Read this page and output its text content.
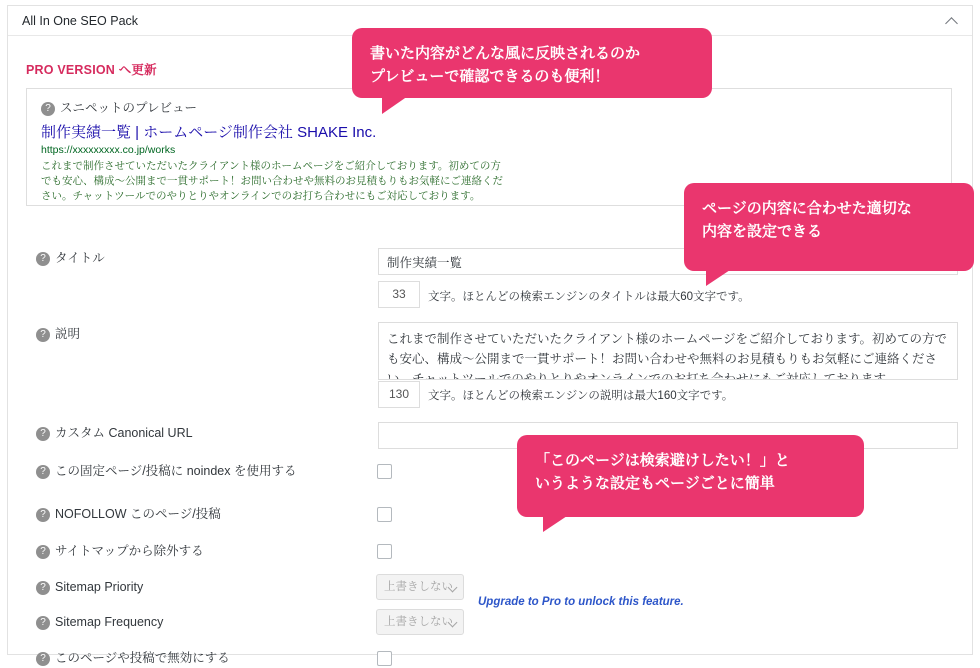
All In One SEO Pack
PRO VERSION へ更新
? スニペットのプレビュー
制作実績一覧 | ホームページ制作会社 SHAKE Inc.
https://xxxxxxxxx.co.jp/works
これまで制作させていただいたクライアント様のホームページをご紹介しております。初めての方でも安心、構成〜公開まで一貫サポート！お問い合わせや無料のお見積もりもお気軽にご連絡ください。チャットツールでのやりとりやオンラインでのお打ち合わせにもご対応しております。
? タイトル
制作実績一覧
33	文字。ほとんどの検索エンジンのタイトルは最大60文字です。
? 説明
これまで制作させていただいたクライアント様のホームページをご紹介しております。初めての方でも安心、構成〜公開まで一貫サポート！お問い合わせや無料のお見積もりもお気軽にご連絡ください。チャットツールでのやりとりやオンラインでのお打ち合わせにもご対応しております。
130	文字。ほとんどの検索エンジンの説明は最大160文字です。
? カスタム Canonical URL
? この固定ページ/投稿に noindex を使用する
? NOFOLLOW このページ/投稿
? サイトマップから除外する
? Sitemap Priority	上書きしない
? Sitemap Frequency	上書きしない
Upgrade to Pro to unlock this feature.
? このページや投稿で無効にする
書いた内容がどんな風に反映されるのか
プレビューで確認できるのも便利！
ページの内容に合わせた適切な
内容を設定できる
「このページは検索避けしたい！」と
いうような設定もページごとに簡単
